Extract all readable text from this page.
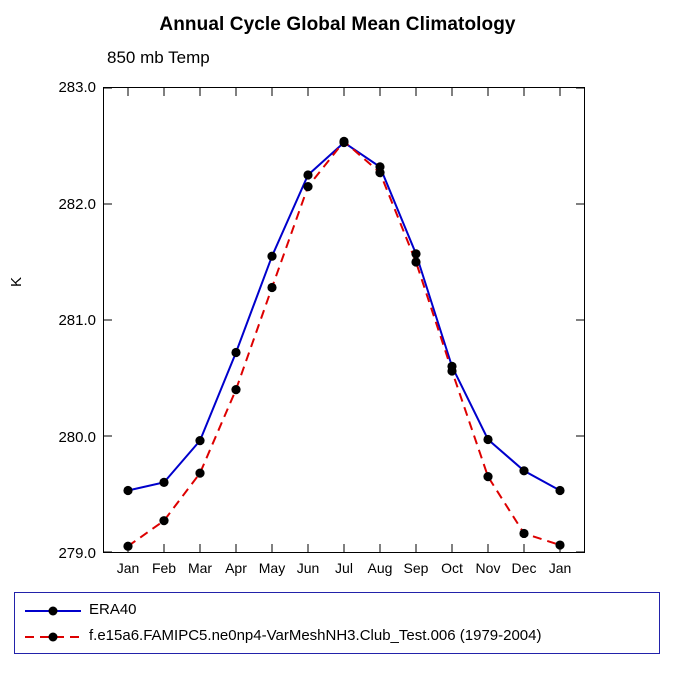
Annual Cycle Global Mean Climatology
850 mb Temp
K
279.0
280.0
281.0
282.0
283.0
Jan Feb Mar Apr May Jun	Jul	Aug Sep Oct Nov Dec Jan
ERA40
f.e15a6.FAMIPC5.ne0np4-VarMeshNH3.Club_Test.006 (1979-2004)
